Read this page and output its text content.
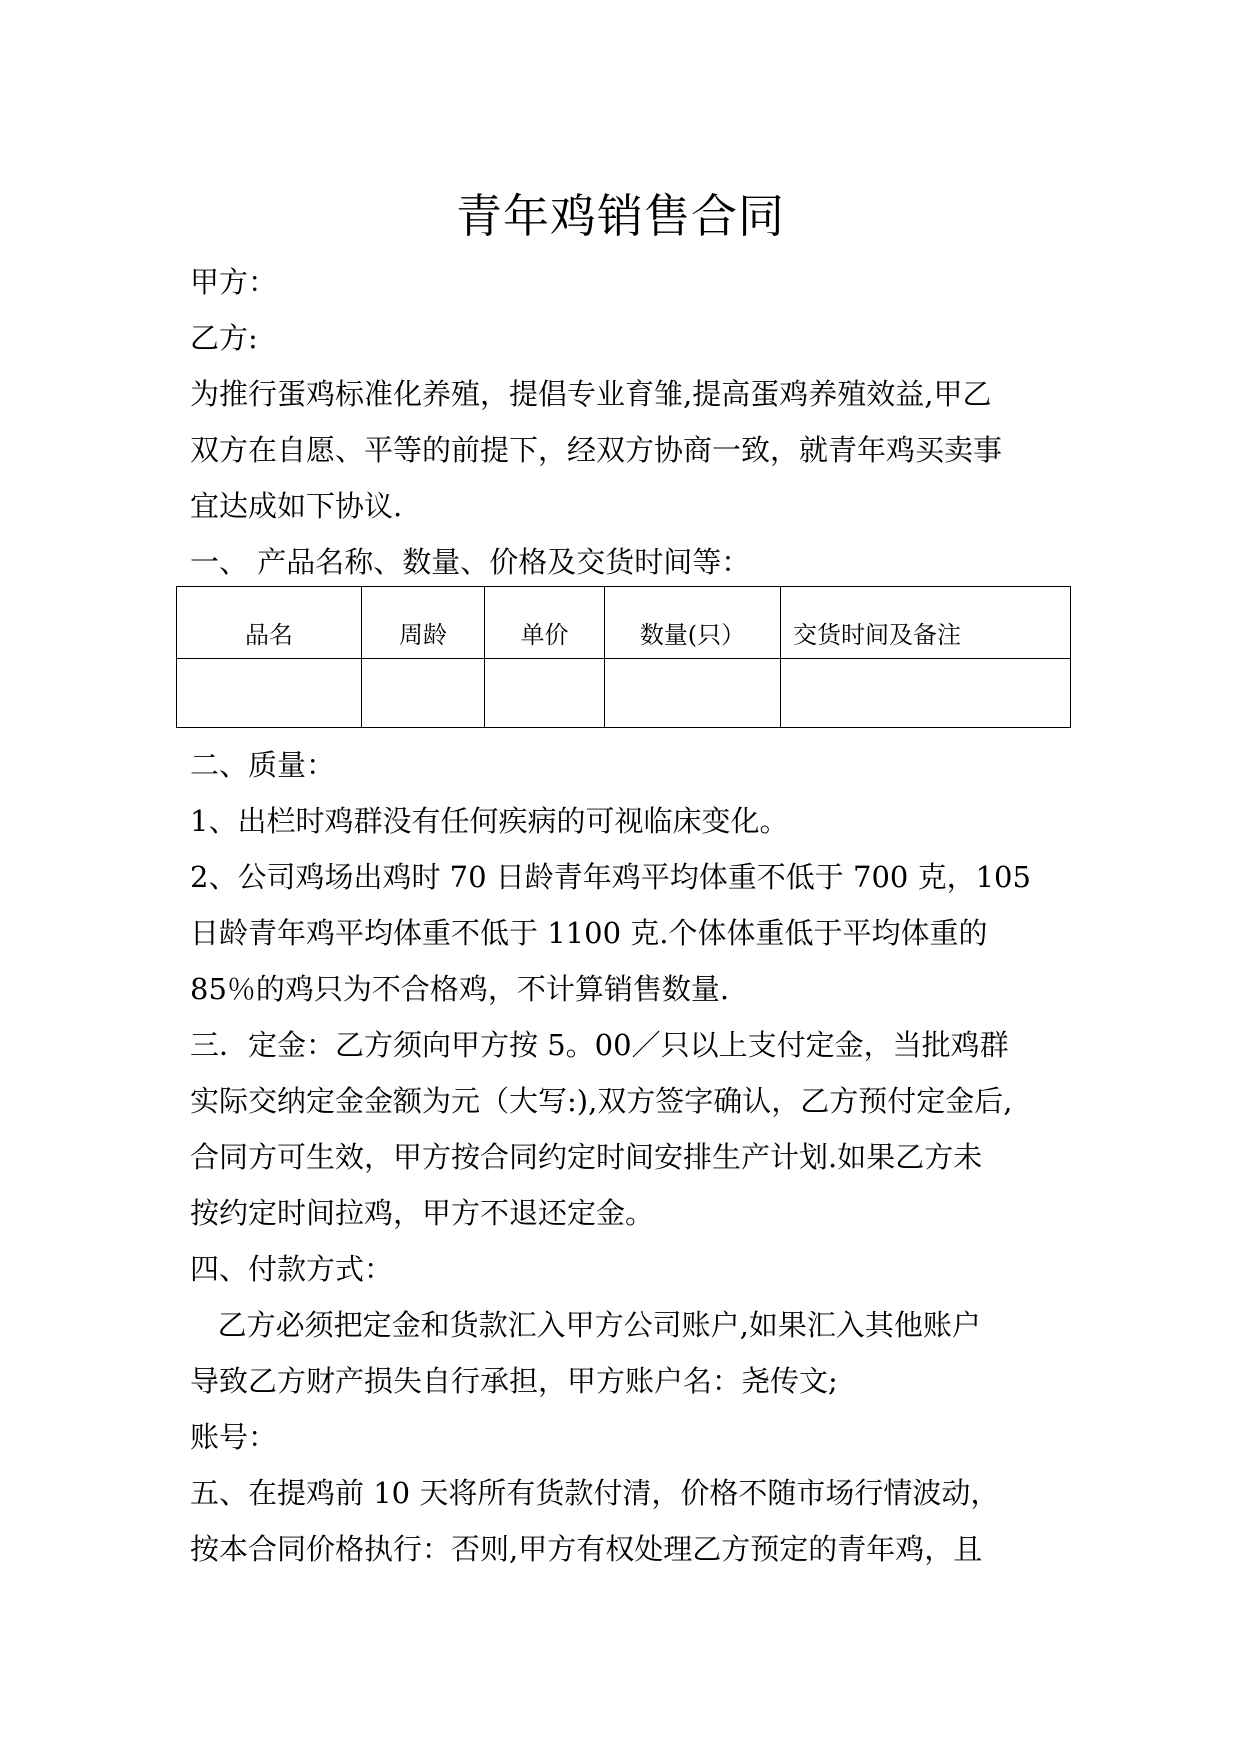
青年鸡销售合同
甲方：
乙方:
为推行蛋鸡标准化养殖，提倡专业育雏,提高蛋鸡养殖效益,甲乙
双方在自愿、平等的前提下，经双方协商一致，就青年鸡买卖事
宜达成如下协议.
一、 产品名称、数量、价格及交货时间等：
品名	周龄	单价	数量(只）	交货时间及备注

二、质量：
1、出栏时鸡群没有任何疾病的可视临床变化。
2、公司鸡场出鸡时 70 日龄青年鸡平均体重不低于 700 克，105
日龄青年鸡平均体重不低于 1100 克.个体体重低于平均体重的
85％的鸡只为不合格鸡，不计算销售数量.
三．定金：乙方须向甲方按 5。00／只以上支付定金，当批鸡群
实际交纳定金金额为元（大写:),双方签字确认，乙方预付定金后,
合同方可生效，甲方按合同约定时间安排生产计划.如果乙方未
按约定时间拉鸡，甲方不退还定金。
四、付款方式：
乙方必须把定金和货款汇入甲方公司账户,如果汇入其他账户
导致乙方财产损失自行承担，甲方账户名：尧传文;
账号：
五、在提鸡前 10 天将所有货款付清，价格不随市场行情波动，
按本合同价格执行：否则,甲方有权处理乙方预定的青年鸡，且
